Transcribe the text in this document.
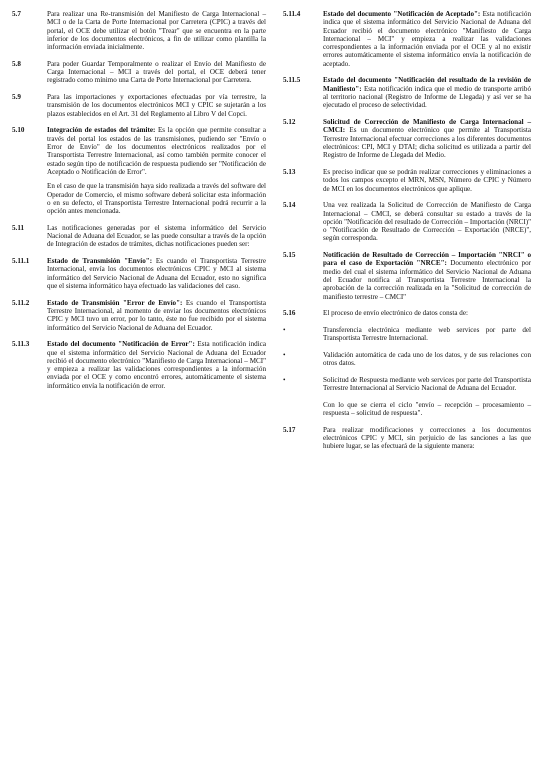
5.7	Para realizar una Re-transmisión del Manifiesto de Carga Internacional – MCI o de la Carta de Porte Internacional por Carretera (CPIC) a través del portal, el OCE debe utilizar el botón "Trear" que se encuentra en la parte inferior de los documentos electrónicos, a fin de utilizar como plantilla la información enviada inicialmente.

5.8	Para poder Guardar Temporalmente o realizar el Envío del Manifiesto de Carga Internacional – MCI a través del portal, el OCE deberá tener registrado como mínimo una Carta de Porte Internacional por Carretera.

5.9	Para las importaciones y exportaciones efectuadas por vía terrestre, la transmisión de los documentos electrónicos MCI y CPIC se sujetarán a los plazos establecidos en el Art. 31 del Reglamento al Libro V del Copci.

5.10	Integración de estados del trámite: Es la opción que permite consultar a través del portal los estados de las transmisiones, pudiendo ser "Envío o Error de Envío" de los documentos electrónicos realizados por el Transportista Terrestre Internacional, así como también permite conocer el estado según tipo de notificación de respuesta pudiendo ser "Notificación de Aceptado o Notificación de Error".

En el caso de que la transmisión haya sido realizada a través del software del Operador de Comercio, el mismo software deberá solicitar esta información o en su defecto, el Transportista Terrestre Internacional podrá recurrir a la opción antes mencionada.

5.11	Las notificaciones generadas por el sistema informático del Servicio Nacional de Aduana del Ecuador, se las puede consultar a través de la opción de Integración de estados de trámites, dichas notificaciones pueden ser:

5.11.1 Estado de Transmisión "Envío": Es cuando el Transportista Terrestre Internacional, envía los documentos electrónicos CPIC y MCI al sistema informático del Servicio Nacional de Aduana del Ecuador, esto no significa que el sistema informático haya efectuado las validaciones del caso.

5.11.2 Estado de Transmisión "Error de Envío": Es cuando el Transportista Terrestre Internacional, al momento de enviar los documentos electrónicos CPIC y MCI tuvo un error, por lo tanto, éste no fue recibido por el sistema informático del Servicio Nacional de Aduana del Ecuador.

5.11.3 Estado del documento "Notificación de Error": Esta notificación indica que el sistema informático del Servicio Nacional de Aduana del Ecuador recibió el documento electrónico "Manifiesto de Carga Internacional – MCI" y empieza a realizar las validaciones correspondientes a la información enviada por el OCE y como encontró errores, automáticamente el sistema informático envía la notificación de error.

5.11.4	Estado del documento "Notificación de Aceptado": Esta notificación indica que el sistema informático del Servicio Nacional de Aduana del Ecuador recibió el documento electrónico "Manifiesto de Carga Internacional – MCI" y empieza a realizar las validaciones correspondientes a la información enviada por el OCE y al no existir errores automáticamente el sistema informático envía la notificación de aceptado.

5.11.5	Estado del documento "Notificación del resultado de la revisión de Manifiesto": Esta notificación indica que el medio de transporte arribó al territorio nacional (Registro de Informe de Llegada) y así ver se ha ejecutado el proceso de selectividad.

5.12	Solicitud de Corrección de Manifiesto de Carga Internacional – CMCI: Es un documento electrónico que permite al Transportista Terrestre Internacional efectuar correcciones a los diferentes documentos electrónicos: CPI, MCI y DTAI; dicha solicitud es utilizada a partir del Registro de Informe de Llegada del Medio.

5.13	Es preciso indicar que se podrán realizar correcciones y eliminaciones a todos los campos excepto el MRN, MSN, Número de CPIC y Número de MCI en los documentos electrónicos que aplique.

5.14	Una vez realizada la Solicitud de Corrección de Manifiesto de Carga Internacional – CMCI, se deberá consultar su estado a través de la opción "Notificación del resultado de Corrección – Importación (NRCI)" o "Notificación de Resultado de Corrección – Exportación (NRCE)", según corresponda.

5.15	Notificación de Resultado de Corrección – Importación "NRCI" o para el caso de Exportación "NRCE": Documento electrónico por medio del cual el sistema informático del Servicio Nacional de Aduana del Ecuador notifica al Transportista Terrestre Internacional la aprobación de la corrección realizada en la "Solicitud de corrección de manifiesto terrestre – CMCI"

5.16	El proceso de envío electrónico de datos consta de:

•	Transferencia electrónica mediante web services por parte del Transportista Terrestre Internacional.
•	Validación automática de cada uno de los datos, y de sus relaciones con otros datos.
•	Solicitud de Respuesta mediante web services por parte del Transportista Terrestre Internacional al Servicio Nacional de Aduana del Ecuador.
Con lo que se cierra el ciclo "envío – recepción – procesamiento – respuesta – solicitud de respuesta".
5.17	Para realizar modificaciones y correcciones a los documentos electrónicos CPIC y MCI, sin perjuicio de las sanciones a las que hubiere lugar, se las efectuará de la siguiente manera:
